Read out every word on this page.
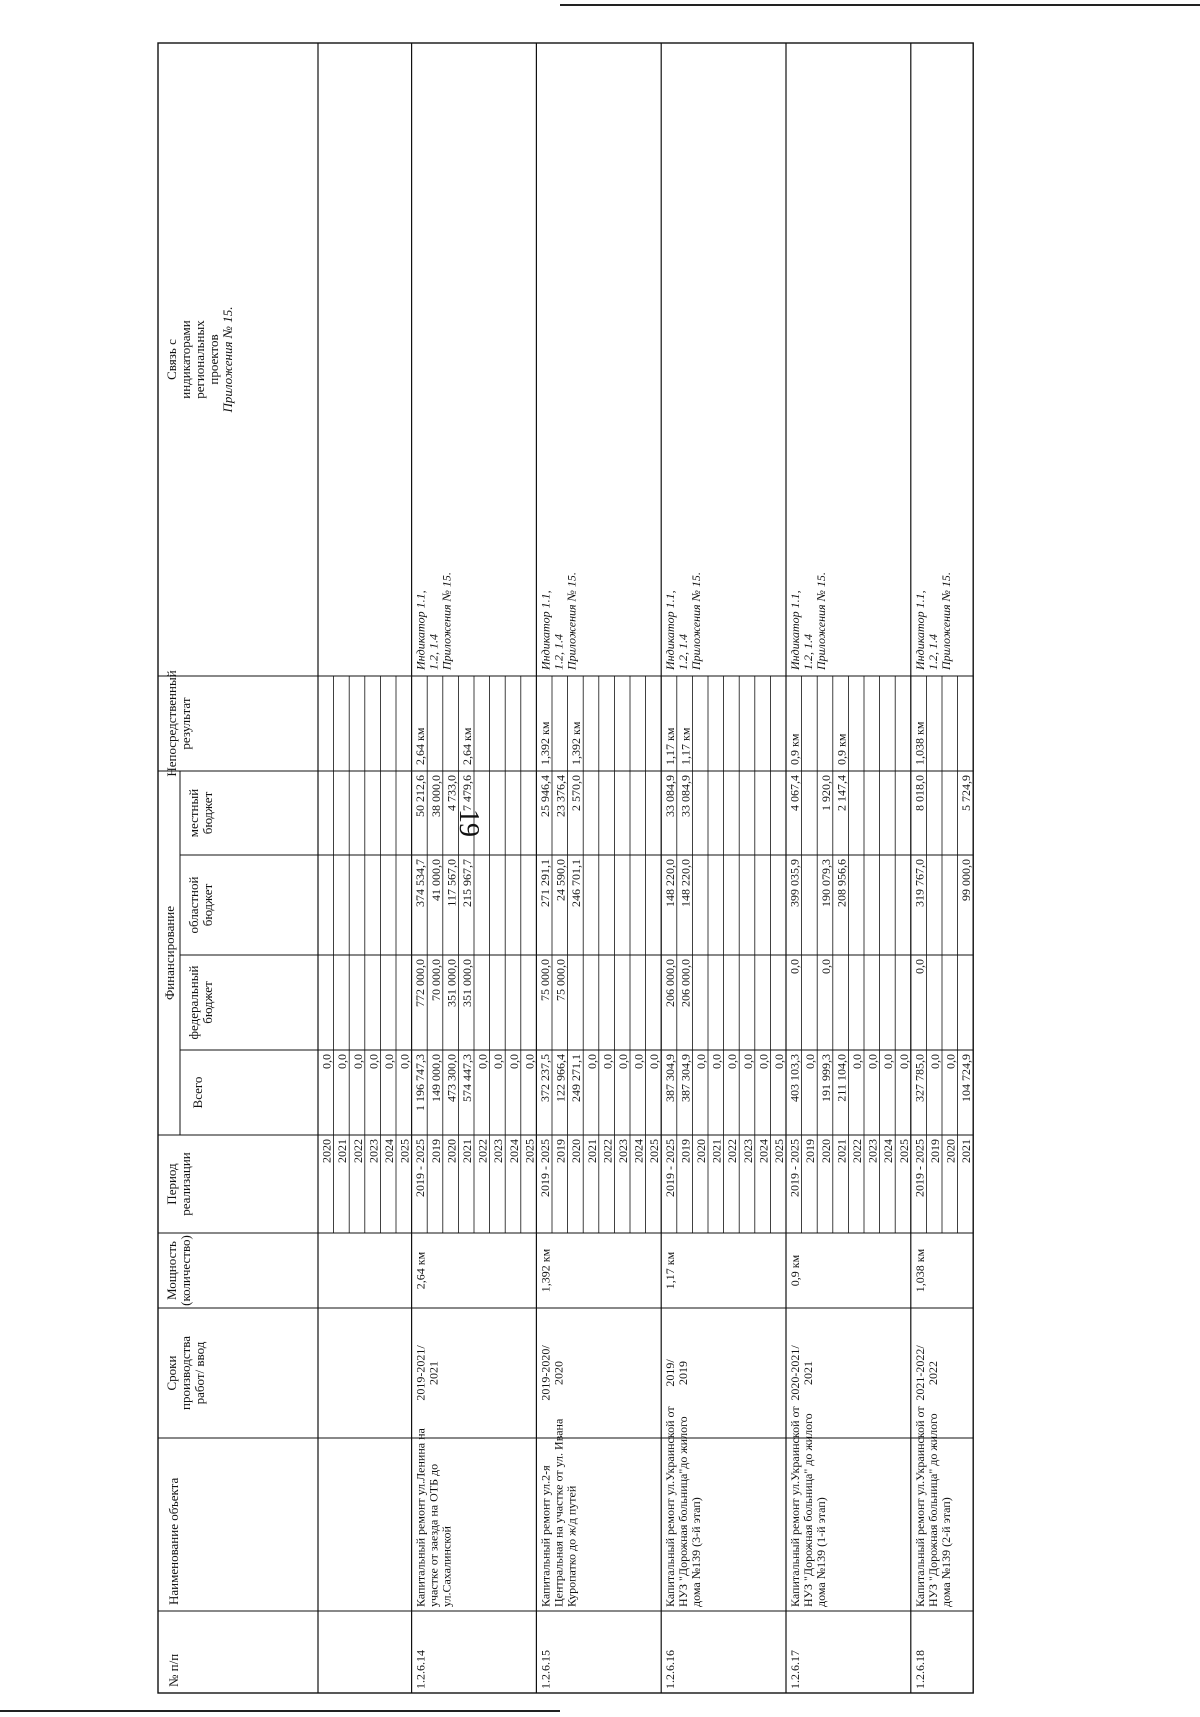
19
№ п/п
Наименование объекта
Сроки производства работ/ ввод
Мощность (количество)
Период реализации
Финансирование
Всего
федеральный бюджет
областной бюджет
местный бюджет
Непосредственный результат
Связь с индикаторами региональных проектов Приложения № 15.
2020
0,0
2021
0,0
2022
0,0
2023
0,0
2024
0,0
2025
0,0
1.2.6.14
Капитальный ремонт ул.Ленина на участке от заезда на ОТБ до ул.Сахалинской
2019-2021/ 2021
2,64 км
Индикатор 1.1, 1.2, 1.4 Приложения № 15.
2019 - 2025
1 196 747,3
772 000,0
374 534,7
50 212,6
2,64 км
2019
149 000,0
70 000,0
41 000,0
38 000,0
2020
473 300,0
351 000,0
117 567,0
4 733,0
2021
574 447,3
351 000,0
215 967,7
7 479,6
2,64 км
2022
0,0
2023
0,0
2024
0,0
2025
0,0
1.2.6.15
Капитальный ремонт ул.2-я Центральная на участке от ул. Ивана Куропатко до ж/д путей
2019-2020/ 2020
1,392 км
Индикатор 1.1, 1.2, 1.4 Приложения № 15.
2019 - 2025
372 237,5
75 000,0
271 291,1
25 946,4
1,392 км
2019
122 966,4
75 000,0
24 590,0
23 376,4
2020
249 271,1
246 701,1
2 570,0
1,392 км
2021
0,0
2022
0,0
2023
0,0
2024
0,0
2025
0,0
1.2.6.16
Капитальный ремонт ул.Украинской от НУЗ "Дорожная больница"до жилого дома №139 (3-й этап)
2019/ 2019
1,17 км
Индикатор 1.1, 1.2, 1.4 Приложения № 15.
2019 - 2025
387 304,9
206 000,0
148 220,0
33 084,9
1,17 км
2019
387 304,9
206 000,0
148 220,0
33 084,9
1,17 км
2020
0,0
2021
0,0
2022
0,0
2023
0,0
2024
0,0
2025
0,0
1.2.6.17
Капитальный ремонт ул.Украинской от НУЗ "Дорожная больница" до жилого дома №139 (1-й этап)
2020-2021/ 2021
0,9 км
Индикатор 1.1, 1.2, 1.4 Приложения № 15.
2019 - 2025
403 103,3
0,0
399 035,9
4 067,4
0,9 км
2019
0,0
2020
191 999,3
0,0
190 079,3
1 920,0
2021
211 104,0
208 956,6
2 147,4
0,9 км
2022
0,0
2023
0,0
2024
0,0
2025
0,0
1.2.6.18
Капитальный ремонт ул.Украинской от НУЗ "Дорожная больница" до жилого дома №139 (2-й этап)
2021-2022/ 2022
1,038 км
Индикатор 1.1, 1.2, 1.4 Приложения № 15.
2019 - 2025
327 785,0
0,0
319 767,0
8 018,0
1,038 км
2019
0,0
2020
0,0
2021
104 724,9
99 000,0
5 724,9
